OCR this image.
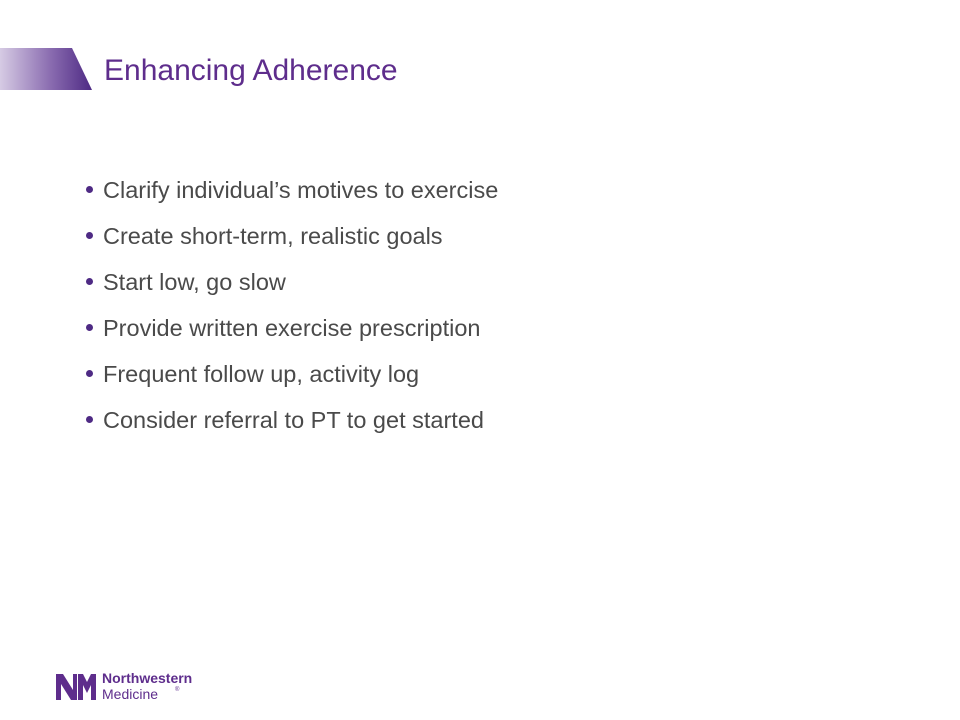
Enhancing Adherence
Clarify individual’s motives to exercise
Create short-term, realistic goals
Start low, go slow
Provide written exercise prescription
Frequent follow up, activity log
Consider referral to PT to get started
Northwestern
Medicine	®
